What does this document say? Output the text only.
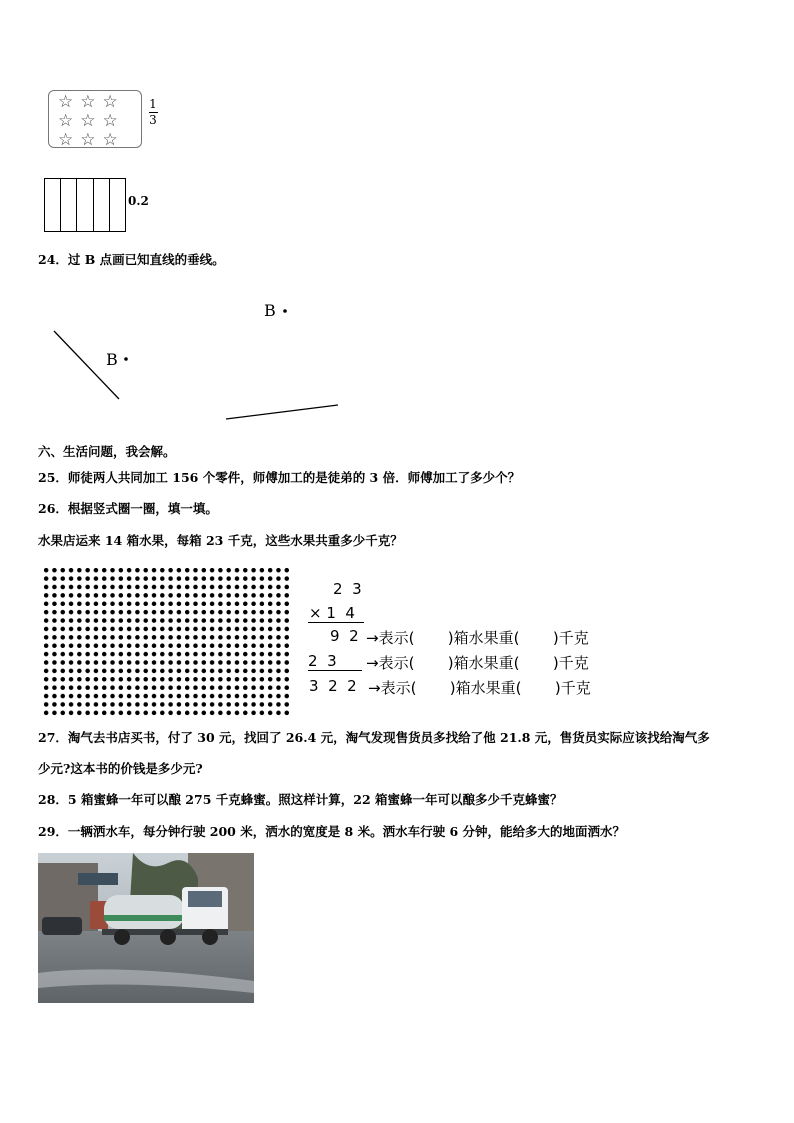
☆☆☆
☆☆☆
☆☆☆
1
3
0.2
24．过 B 点画已知直线的垂线。
B
B
六、生活问题，我会解。
25．师徒两人共同加工 156 个零件，师傅加工的是徒弟的 3 倍．师傅加工了多少个？
26．根据竖式圈一圈，填一填。
水果店运来 14 箱水果，每箱 23 千克，这些水果共重多少千克？
2  3
× 1  4
9  2 →表示(       )箱水果重(       )千克
2  3 →表示(       )箱水果重(       )千克
3  2  2 →表示(       )箱水果重(       )千克
27．淘气去书店买书，付了 30 元，找回了 26.4 元，淘气发现售货员多找给了他 21.8 元，售货员实际应该找给淘气多
少元?这本书的价钱是多少元?
28．5 箱蜜蜂一年可以酿 275 千克蜂蜜。照这样计算，22 箱蜜蜂一年可以酿多少千克蜂蜜？
29．一辆洒水车，每分钟行驶 200 米，洒水的宽度是 8 米。洒水车行驶 6 分钟，能给多大的地面洒水？
